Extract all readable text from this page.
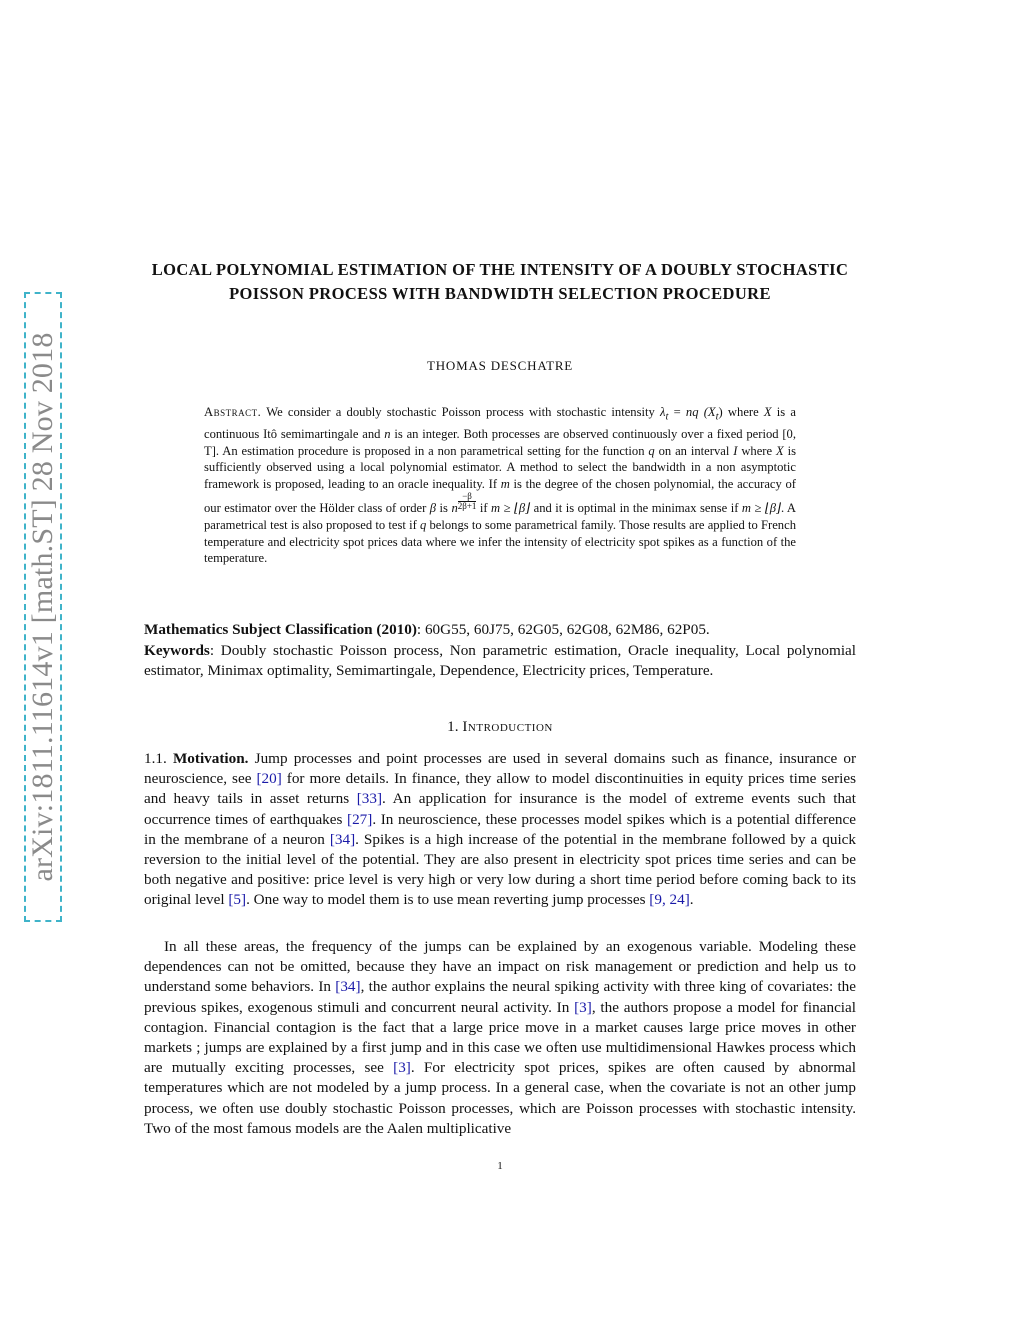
arXiv:1811.11614v1 [math.ST] 28 Nov 2018
LOCAL POLYNOMIAL ESTIMATION OF THE INTENSITY OF A DOUBLY STOCHASTIC POISSON PROCESS WITH BANDWIDTH SELECTION PROCEDURE
THOMAS DESCHATRE
Abstract. We consider a doubly stochastic Poisson process with stochastic intensity $\lambda_t$ = nq $(X_t)$ where X is a continuous Itô semimartingale and n is an integer. Both processes are observed continuously over a fixed period [0, T]. An estimation procedure is proposed in a non parametrical setting for the function q on an interval I where X is sufficiently observed using a local polynomial estimator. A method to select the bandwidth in a non asymptotic framework is proposed, leading to an oracle inequality. If m is the degree of the chosen polynomial, the accuracy of our estimator over the Hölder class of order β is n $\frac{-\beta}{2\beta+1}$ if m ≥ ⌊β⌋ and it is optimal in the minimax sense if m ≥ ⌊β⌋. A parametrical test is also proposed to test if q belongs to some parametrical family. Those results are applied to French temperature and electricity spot prices data where we infer the intensity of electricity spot spikes as a function of the temperature.
Mathematics Subject Classification (2010): 60G55, 60J75, 62G05, 62G08, 62M86, 62P05.
Keywords: Doubly stochastic Poisson process, Non parametric estimation, Oracle inequality, Local polynomial estimator, Minimax optimality, Semimartingale, Dependence, Electricity prices, Temperature.
1. Introduction
1.1. Motivation. Jump processes and point processes are used in several domains such as finance, insurance or neuroscience, see [20] for more details. In finance, they allow to model discontinuities in equity prices time series and heavy tails in asset returns [33]. An application for insurance is the model of extreme events such that occurrence times of earthquakes [27]. In neuroscience, these processes model spikes which is a potential difference in the membrane of a neuron [34]. Spikes is a high increase of the potential in the membrane followed by a quick reversion to the initial level of the potential. They are also present in electricity spot prices time series and can be both negative and positive: price level is very high or very low during a short time period before coming back to its original level [5]. One way to model them is to use mean reverting jump processes [9, 24].
In all these areas, the frequency of the jumps can be explained by an exogenous variable. Modeling these dependences can not be omitted, because they have an impact on risk management or prediction and help us to understand some behaviors. In [34], the author explains the neural spiking activity with three king of covariates: the previous spikes, exogenous stimuli and concurrent neural activity. In [3], the authors propose a model for financial contagion. Financial contagion is the fact that a large price move in a market causes large price moves in other markets ; jumps are explained by a first jump and in this case we often use multidimensional Hawkes process which are mutually exciting processes, see [3]. For electricity spot prices, spikes are often caused by abnormal temperatures which are not modeled by a jump process. In a general case, when the covariate is not an other jump process, we often use doubly stochastic Poisson processes, which are Poisson processes with stochastic intensity. Two of the most famous models are the Aalen multiplicative
1
